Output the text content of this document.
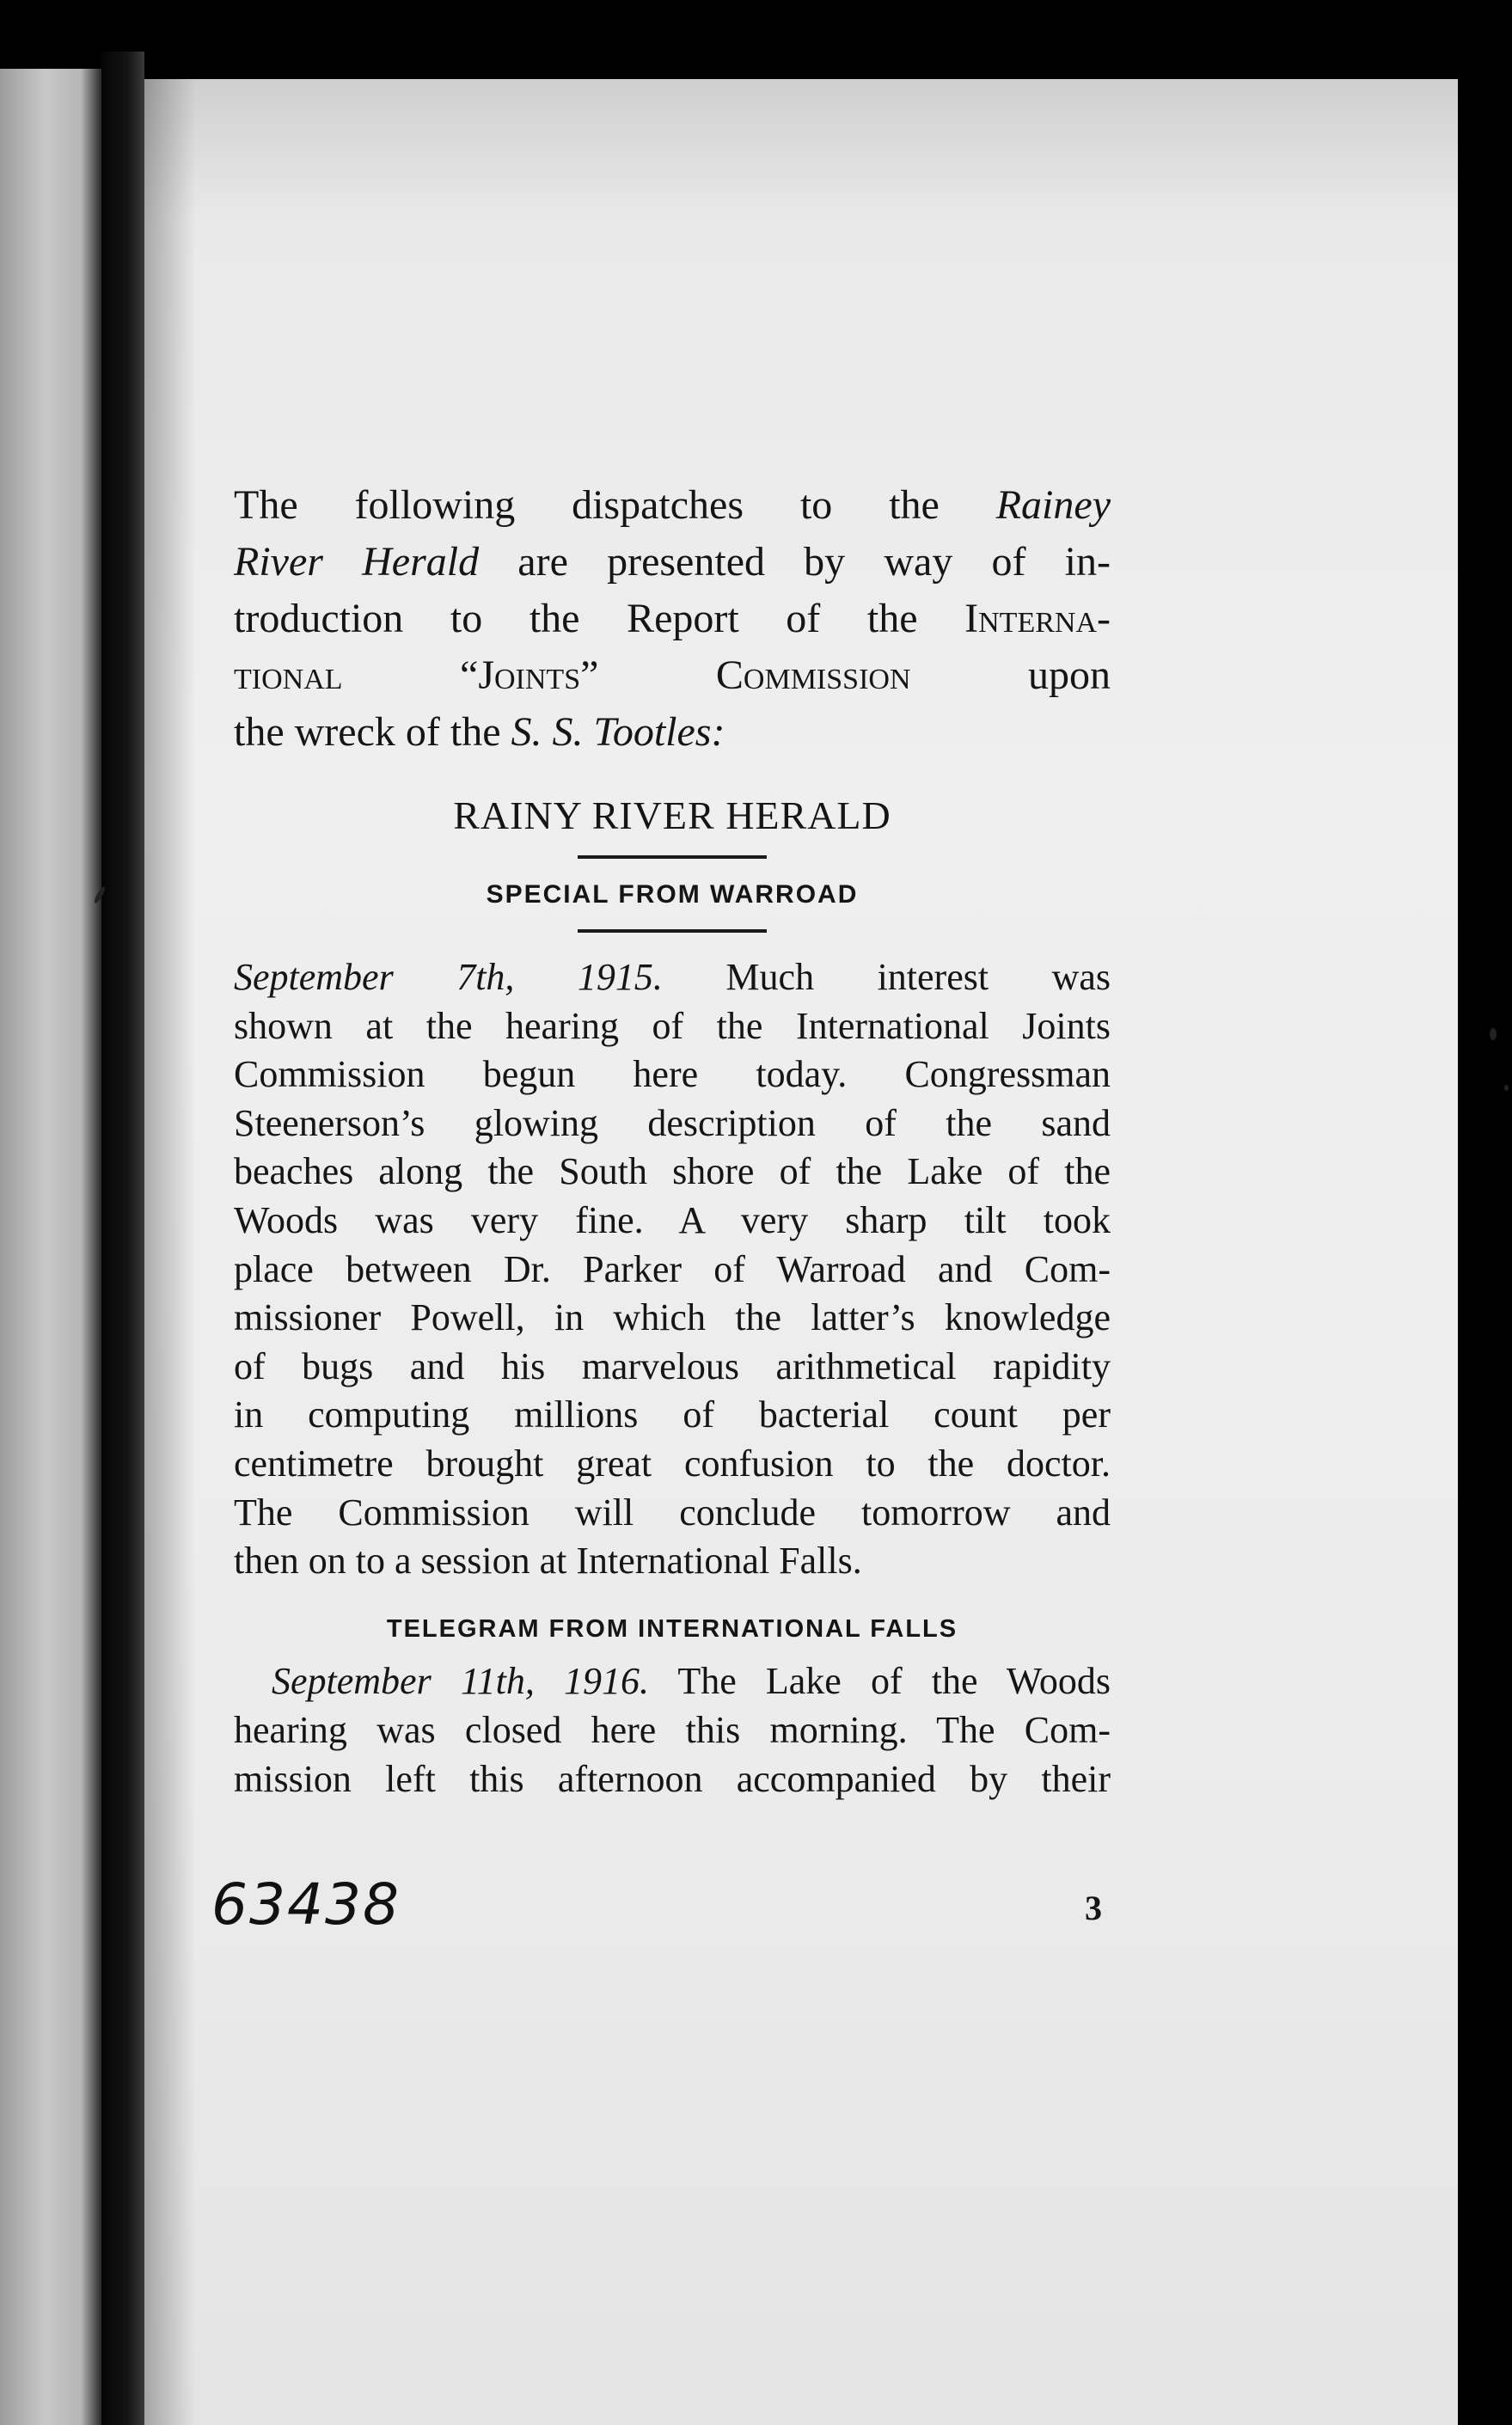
The following dispatches to the Rainey
River Herald are presented by way of in-
troduction to the Report of the Interna-
tional “Joints” Commission upon
the wreck of the S. S. Tootles:

RAINY RIVER HERALD
SPECIAL FROM WARROAD
September 7th, 1915. Much interest was
shown at the hearing of the International Joints
Commission begun here today. Congressman
Steenerson’s glowing description of the sand
beaches along the South shore of the Lake of the
Woods was very fine. A very sharp tilt took
place between Dr. Parker of Warroad and Com-
missioner Powell, in which the latter’s knowledge
of bugs and his marvelous arithmetical rapidity
in computing millions of bacterial count per
centimetre brought great confusion to the doctor.
The Commission will conclude tomorrow and
then on to a session at International Falls.
TELEGRAM FROM INTERNATIONAL FALLS
 September 11th, 1916. The Lake of the Woods
hearing was closed here this morning. The Com-
mission left this afternoon accompanied by their
63438	3
